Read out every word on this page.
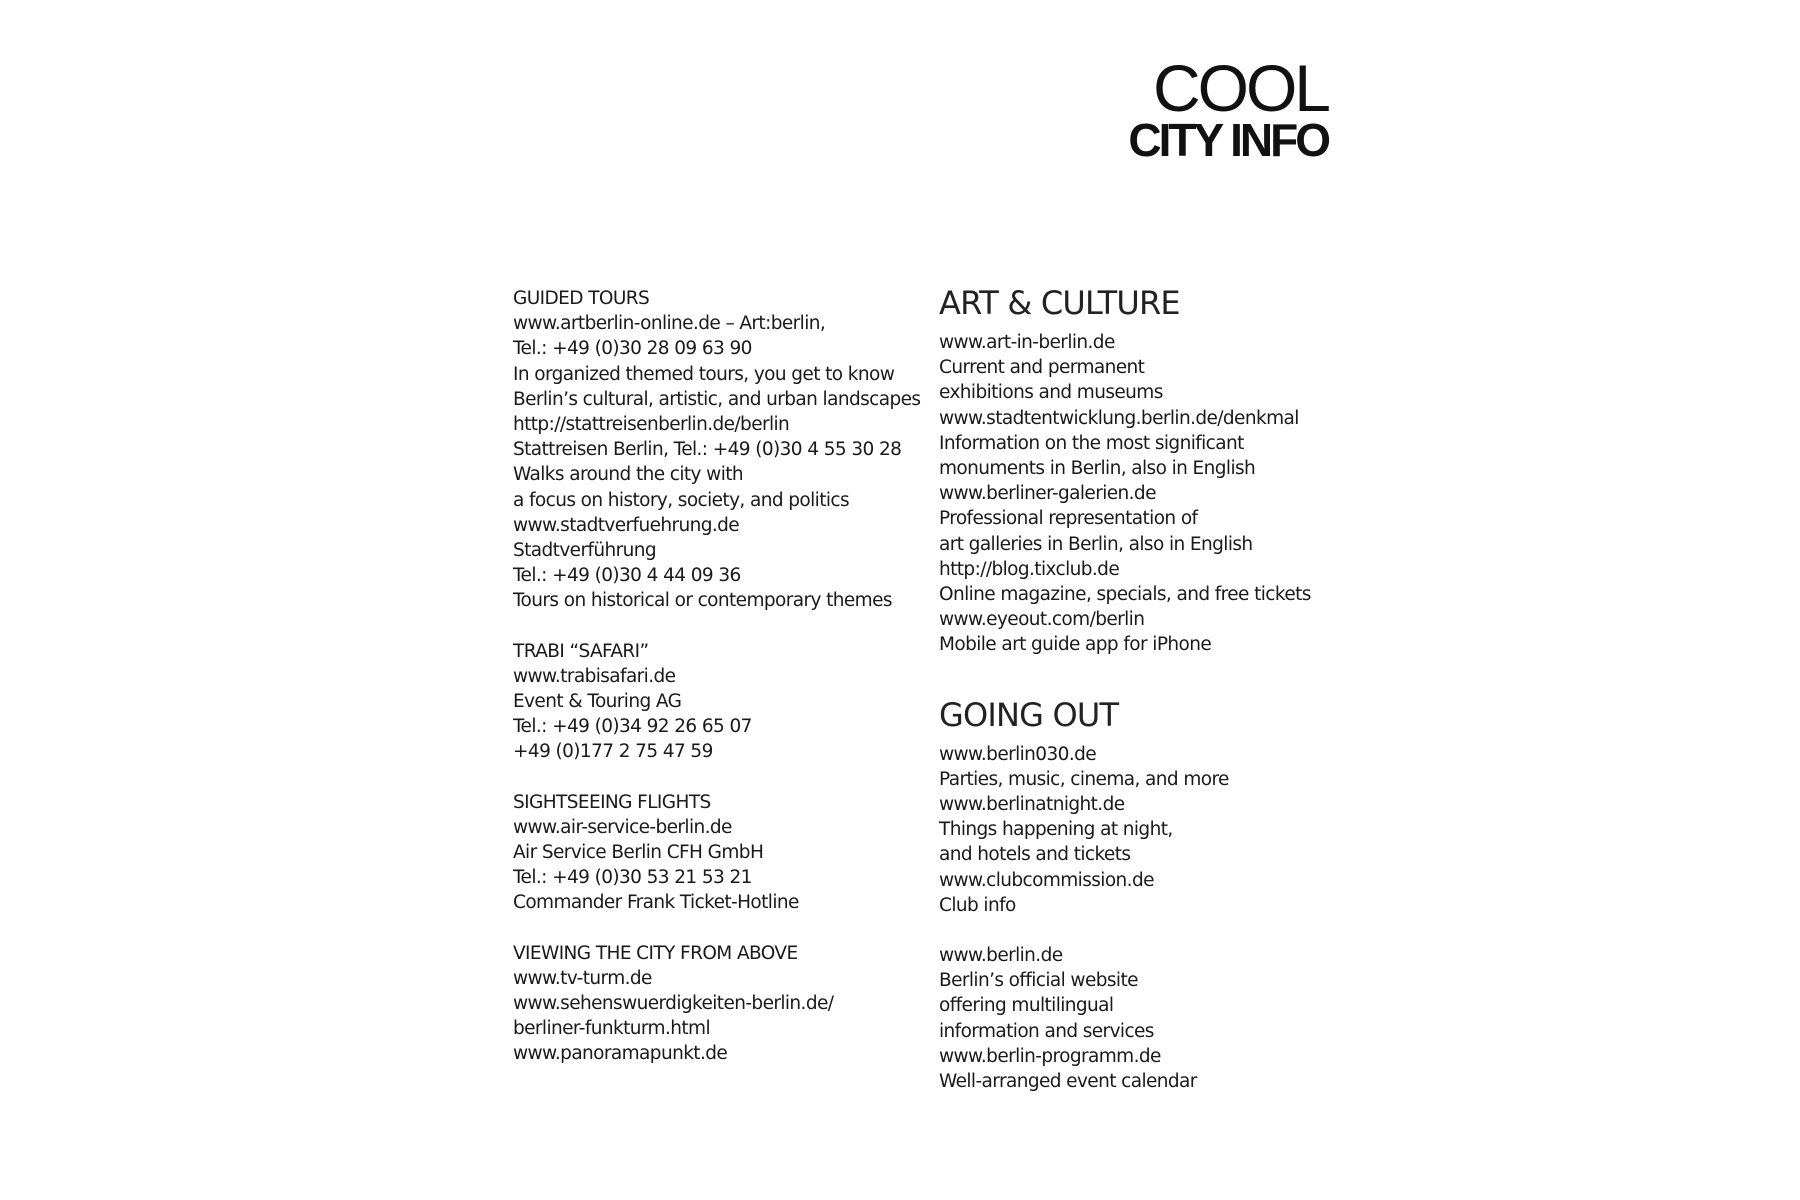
COOL
CITY INFO
GUIDED TOURS
www.artberlin-online.de – Art:berlin,
Tel.: +49 (0)30 28 09 63 90
In organized themed tours, you get to know
Berlin’s cultural, artistic, and urban landscapes
http://stattreisenberlin.de/berlin
Stattreisen Berlin, Tel.: +49 (0)30 4 55 30 28
Walks around the city with
a focus on history, society, and politics
www.stadtverfuehrung.de
Stadtverführung
Tel.: +49 (0)30 4 44 09 36
Tours on historical or contemporary themes
TRABI “SAFARI”
www.trabisafari.de
Event & Touring AG
Tel.: +49 (0)34 92 26 65 07
+49 (0)177 2 75 47 59
SIGHTSEEING FLIGHTS
www.air-service-berlin.de
Air Service Berlin CFH GmbH
Tel.: +49 (0)30 53 21 53 21
Commander Frank Ticket-Hotline
VIEWING THE CITY FROM ABOVE
www.tv-turm.de
www.sehenswuerdigkeiten-berlin.de/
berliner-funkturm.html
www.panoramapunkt.de
ART & CULTURE
www.art-in-berlin.de
Current and permanent
exhibitions and museums
www.stadtentwicklung.berlin.de/denkmal
Information on the most significant
monuments in Berlin, also in English
www.berliner-galerien.de
Professional representation of
art galleries in Berlin, also in English
http://blog.tixclub.de
Online magazine, specials, and free tickets
www.eyeout.com/berlin
Mobile art guide app for iPhone
GOING OUT
www.berlin030.de
Parties, music, cinema, and more
www.berlinatnight.de
Things happening at night,
and hotels and tickets
www.clubcommission.de
Club info
www.berlin.de
Berlin’s official website
offering multilingual
information and services
www.berlin-programm.de
Well-arranged event calendar
